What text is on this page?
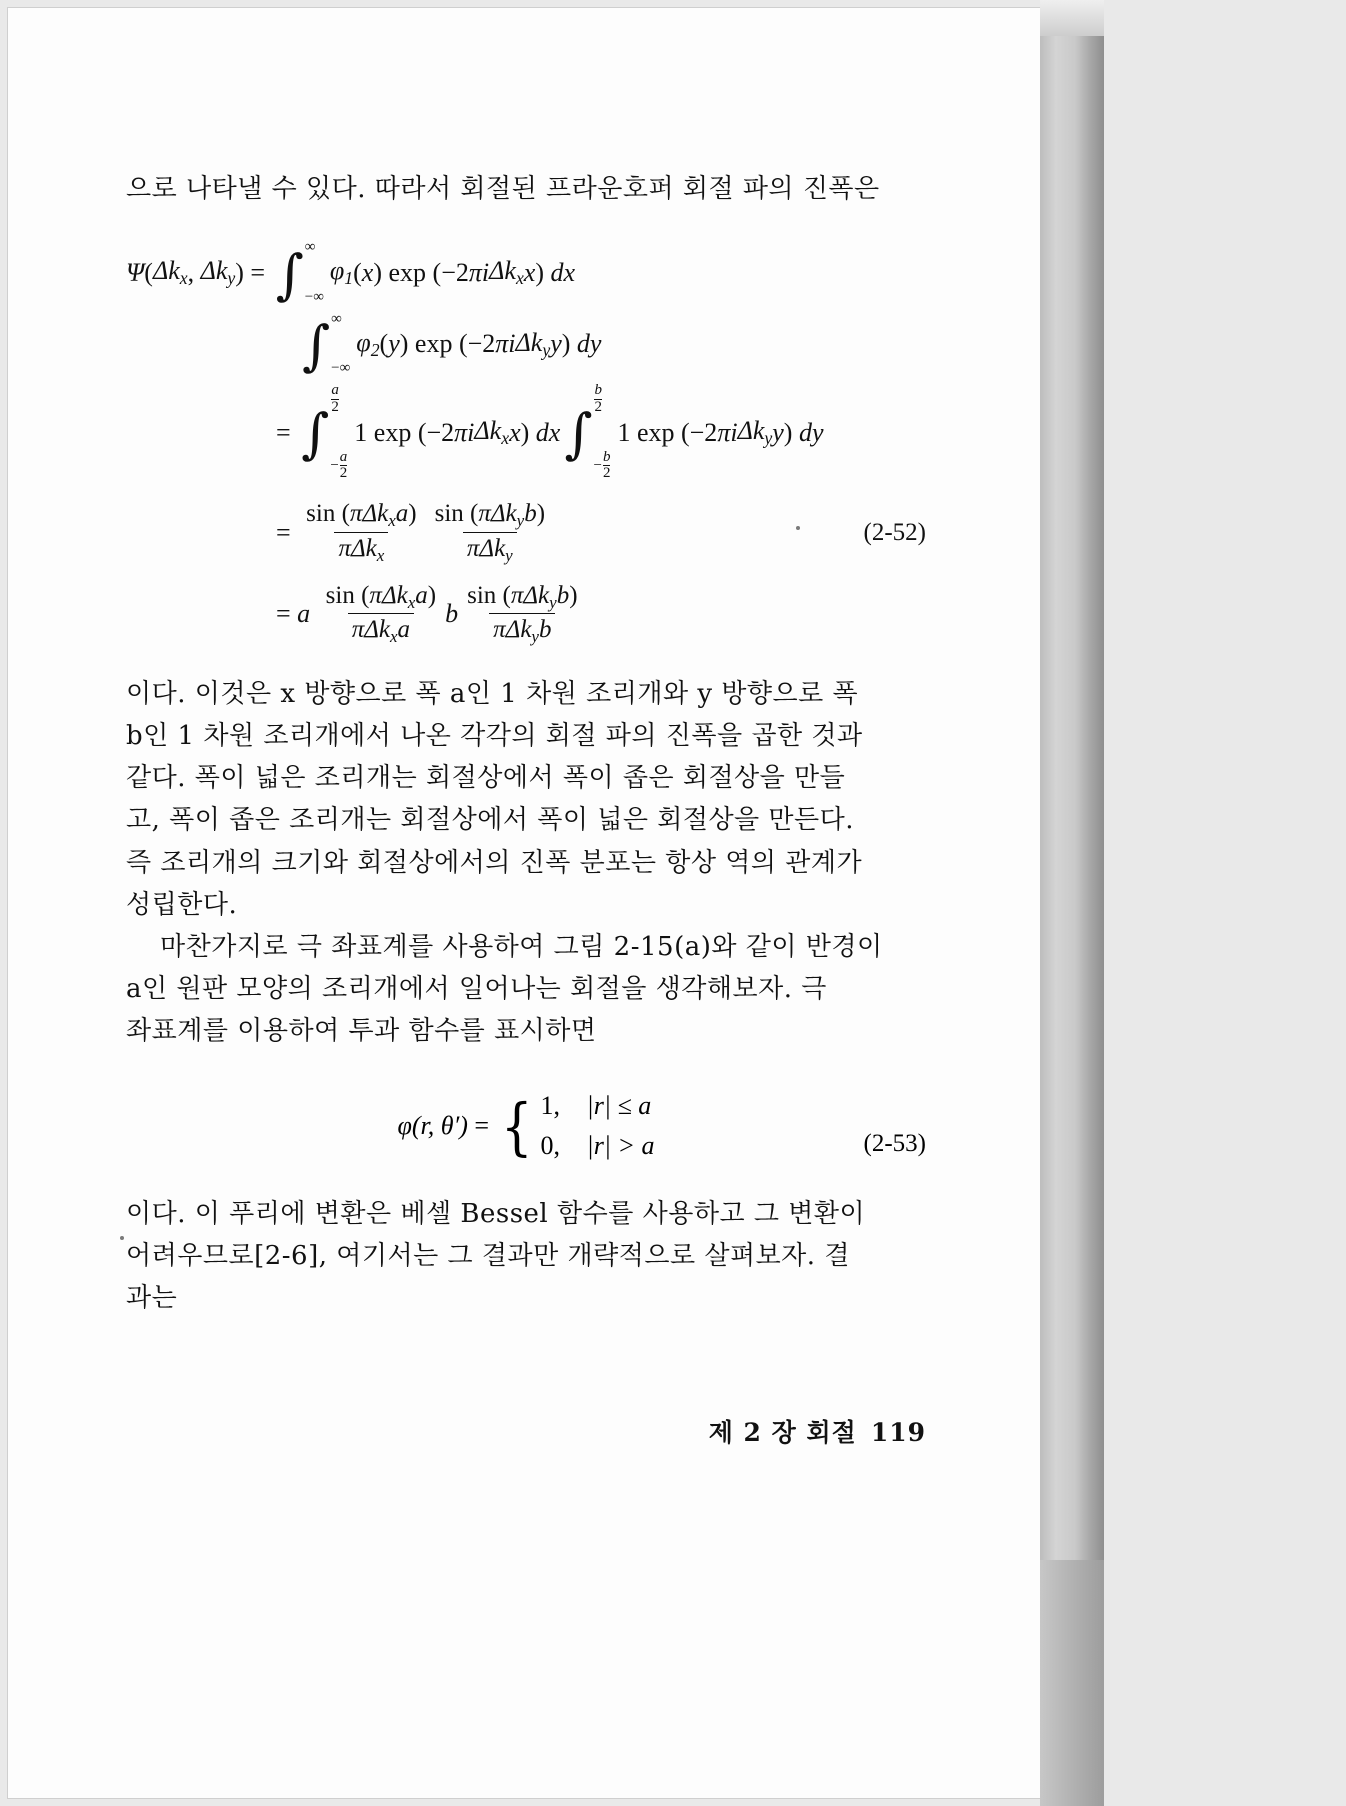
으로 나타낼 수 있다. 따라서 회절된 프라운호퍼 회절 파의 진폭은

Ψ ( $\Delta k_x$ , $\Delta k_y$ ) = ∫ ∞
−∞
$\varphi_1$ ( x ) exp (−2 πi $\Delta k_x$ x ) dx
∫ ∞
−∞
$\varphi_2$ ( y ) exp (−2 πi $\Delta k_y$ y ) dy
= ∫
$\frac{a}{2}$
− $\frac{a}{2}$
1 exp (−2 πi $\Delta k_x$ x ) dx ∫
$\frac{b}{2}$
− $\frac{b}{2}$
1 exp (−2 πi $\Delta k_y$ y ) dy
= $\frac{\sin (\pi\Delta k_xa)}{\pi\Delta k_x} \frac{\sin (\pi\Delta k_yb)}{\pi\Delta k_y}$	(2-52)
= a
$\frac{\sin (\pi\Delta k_xa)}{\pi\Delta k_xa}$ b $\frac{\sin (\pi\Delta k_yb)}{\pi\Delta k_yb}$

이다. 이것은 x 방향으로 폭 a인 1 차원 조리개와 y 방향으로 폭

b인 1 차원 조리개에서 나온 각각의 회절 파의 진폭을 곱한 것과

같다. 폭이 넓은 조리개는 회절상에서 폭이 좁은 회절상을 만들

고, 폭이 좁은 조리개는 회절상에서 폭이 넓은 회절상을 만든다.

즉 조리개의 크기와 회절상에서의 진폭 분포는 항상 역의 관계가

성립한다.

마찬가지로 극 좌표계를 사용하여 그림 2-15(a)와 같이 반경이

a인 원판 모양의 조리개에서 일어나는 회절을 생각해보자. 극

좌표계를 이용하여 투과 함수를 표시하면

φ(r, θ′) = { 1,	|r| ≤ a
0,	|r| > a	(2-53)

이다. 이 푸리에 변환은 베셀 Bessel 함수를 사용하고 그 변환이

어려우므로[2-6], 여기서는 그 결과만 개략적으로 살펴보자. 결

과는

제 2 장 회절 119
